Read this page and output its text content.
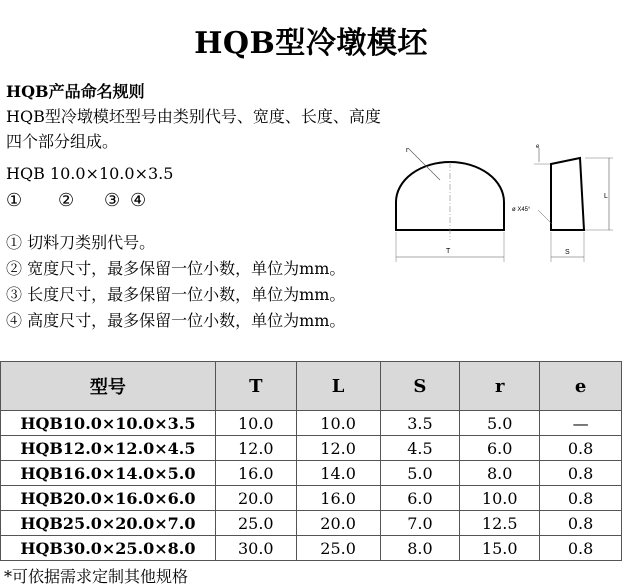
HQB型冷墩模坯
HQB产品命名规则
HQB型冷墩模坯型号由类别代号、宽度、长度、高度四个部分组成。
HQB 10.0×10.0×3.5
① ② ③ ④
① 切料刀类别代号。
② 宽度尺寸，最多保留一位小数，单位为mm。
③ 长度尺寸，最多保留一位小数，单位为mm。
④ 高度尺寸，最多保留一位小数，单位为mm。
r
T
e
L
S
ø X45°
型号	T	L	S	r	e
HQB10.0×10.0×3.5	10.0	10.0	3.5	5.0	—
HQB12.0×12.0×4.5	12.0	12.0	4.5	6.0	0.8
HQB16.0×14.0×5.0	16.0	14.0	5.0	8.0	0.8
HQB20.0×16.0×6.0	20.0	16.0	6.0	10.0	0.8
HQB25.0×20.0×7.0	25.0	20.0	7.0	12.5	0.8
HQB30.0×25.0×8.0	30.0	25.0	8.0	15.0	0.8
*可依据需求定制其他规格
